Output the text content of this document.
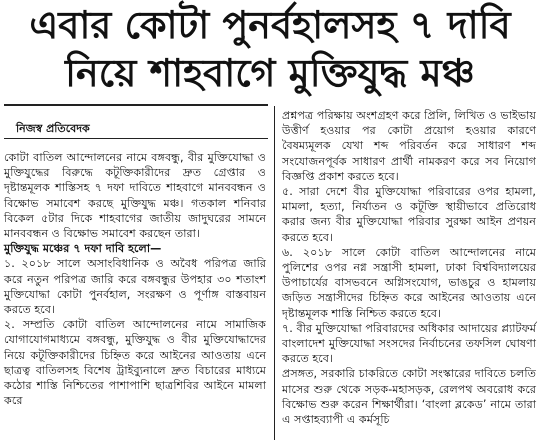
এবার কোটা পুনর্বহালসহ ৭ দাবি
নিয়ে শাহবাগে মুক্তিযুদ্ধ মঞ্চ
নিজস্ব প্রতিবেদক

কোটা বাতিল আন্দোলনের নামে বঙ্গবন্ধু, বীর মুক্তিযোদ্ধা ও মুক্তিযুদ্ধের বিরুদ্ধে কটূক্তিকারীদের দ্রুত গ্রেপ্তার ও দৃষ্টান্তমূলক শাস্তিসহ ৭ দফা দাবিতে শাহবাগে মানববন্ধন ও বিক্ষোভ সমাবেশ করছে মুক্তিযুদ্ধ মঞ্চ। গতকাল শনিবার বিকেল ৫টার দিকে শাহবাগের জাতীয় জাদুঘরের সামনে মানববন্ধন ও বিক্ষোভ সমাবেশ করছেন তারা।

মুক্তিযুদ্ধ মঞ্চের ৭ দফা দাবি হলো—

১. ২০১৮ সালে অসাংবিধানিক ও অবৈধ পরিপত্র জারি করে নতুন পরিপত্র জারি করে বঙ্গবন্ধুর উপহার ৩০ শতাংশ মুক্তিযোদ্ধা কোটা পুনর্বহাল, সংরক্ষণ ও পূর্ণাঙ্গ বাস্তবায়ন করতে হবে।

২. সম্প্রতি কোটা বাতিল আন্দোলনের নামে সামাজিক যোগাযোগমাধ্যমে বঙ্গবন্ধু, মুক্তিযুদ্ধ ও বীর মুক্তিযোদ্ধাদের নিয়ে কটূক্তিকারীদের চিহ্নিত করে আইনের আওতায় এনে ছাত্রত্ব বাতিলসহ বিশেষ ট্রাইব্যুনালে দ্রুত বিচারের মাধ্যমে কঠোর শাস্তি নিশ্চিতের পাশাপাশি ছাত্রশিবির আইনে মামলা করে

প্রশ্নপত্র পরিক্ষায় অংশগ্রহণ করে প্রিলি, লিখিত ও ভাইভায় উত্তীর্ণ হওয়ার পর কোটা প্রয়োগ হওয়ার কারণে বৈষম্যমূলক যেখা শব্দ পরিবর্তন করে সাধারণ শব্দ সংযোজনপূর্বক সাধারণ প্রার্থী নামকরণ করে সব নিয়োগ বিজ্ঞপ্তি প্রকাশ করতে হবে।

৫. সারা দেশে বীর মুক্তিযোদ্ধা পরিবারের ওপর হামলা, মামলা, হত্যা, নির্যাতন ও কটূক্তি স্থায়ীভাবে প্রতিরোধ করার জন্য বীর মুক্তিযোদ্ধা পরিবার সুরক্ষা আইন প্রণয়ন করতে হবে।

৬. ২০১৮ সালে কোটা বাতিল আন্দোলনের নামে পুলিশের ওপর নগ্ন সন্ত্রাসী হামলা, ঢাকা বিশ্ববিদ্যালয়ের উপাচার্যের বাসভবনে অগ্নিসংযোগ, ভাঙচুর ও হামলায় জড়িত সন্ত্রাসীদের চিহ্নিত করে আইনের আওতায় এনে দৃষ্টান্তমূলক শাস্তি নিশ্চিত করতে হবে।

৭. বীর মুক্তিযোদ্ধা পরিবারদের অধিকার আদায়ের প্ল্যাটফর্ম বাংলাদেশ মুক্তিযোদ্ধা সংসদের নির্বাচনের তফসিল ঘোষণা করতে হবে।

প্রসঙ্গত, সরকারি চাকরিতে কোটা সংস্কারের দাবিতে চলতি মাসের শুরু থেকে সড়ক-মহাসড়ক, রেলপথ অবরোধ করে বিক্ষোভ শুরু করেন শিক্ষার্থীরা। ‘বাংলা ব্লকেড’ নামে তারা এ সপ্তাহব্যাপী এ কর্মসূচি
